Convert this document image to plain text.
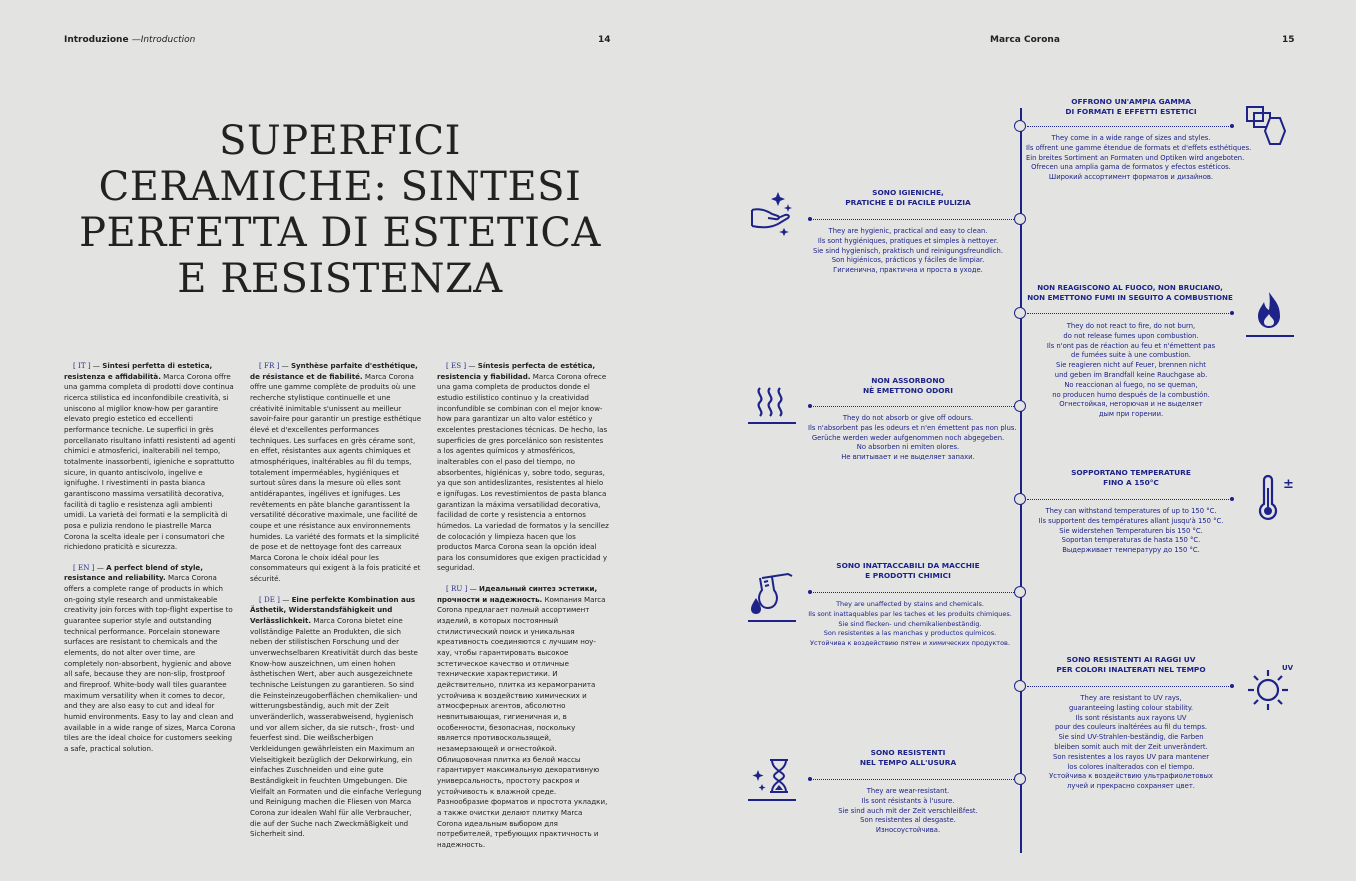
Introduzione —Introduction	14	Marca Corona	15
SUPERFICI
CERAMICHE: SINTESI
PERFETTA DI ESTETICA
E RESISTENZA

[ IT ] — Sintesi perfetta di estetica, resistenza e affidabilità. Marca Corona offre una gamma completa di prodotti dove continua ricerca stilistica ed inconfondibile creatività, si uniscono al miglior know-how per garantire elevato pregio estetico ed eccellenti performance tecniche. Le superfici in grès porcellanato risultano infatti resistenti ad agenti chimici e atmosferici, inalterabili nel tempo, totalmente inassorbenti, igieniche e soprattutto sicure, in quanto antiscivolo, ingelive e ignifughe. I rivestimenti in pasta bianca garantiscono massima versatilità decorativa, facilità di taglio e resistenza agli ambienti umidi. La varietà dei formati e la semplicità di posa e pulizia rendono le piastrelle Marca Corona la scelta ideale per i consumatori che richiedono praticità e sicurezza.

[ EN ] — A perfect blend of style, resistance and reliability. Marca Corona offers a complete range of products in which on-going style research and unmistakeable creativity join forces with top-flight expertise to guarantee superior style and outstanding technical performance. Porcelain stoneware surfaces are resistant to chemicals and the elements, do not alter over time, are completely non-absorbent, hygienic and above all safe, because they are non-slip, frostproof and fireproof. White-body wall tiles guarantee maximum versatility when it comes to decor, and they are also easy to cut and ideal for humid environments. Easy to lay and clean and available in a wide range of sizes, Marca Corona tiles are the ideal choice for customers seeking a safe, practical solution.

[ FR ] — Synthèse parfaite d'esthétique, de résistance et de fiabilité. Marca Corona offre une gamme complète de produits où une recherche stylistique continuelle et une créativité inimitable s'unissent au meilleur savoir-faire pour garantir un prestige esthétique élevé et d'excellentes performances techniques. Les surfaces en grès cérame sont, en effet, résistantes aux agents chimiques et atmosphériques, inaltérables au fil du temps, totalement imperméables, hygiéniques et surtout sûres dans la mesure où elles sont antidérapantes, ingélives et ignifuges. Les revêtements en pâte blanche garantissent la versatilité décorative maximale, une facilité de coupe et une résistance aux environnements humides. La variété des formats et la simplicité de pose et de nettoyage font des carreaux Marca Corona le choix idéal pour les consommateurs qui exigent à la fois praticité et sécurité.

[ DE ] — Eine perfekte Kombination aus Ästhetik, Widerstandsfähigkeit und Verlässlichkeit. Marca Corona bietet eine vollständige Palette an Produkten, die sich neben der stilistischen Forschung und der unverwechselbaren Kreativität durch das beste Know-how auszeichnen, um einen hohen ästhetischen Wert, aber auch ausgezeichnete technische Leistungen zu garantieren. So sind die Feinsteinzeugoberflächen chemikalien- und witterungsbeständig, auch mit der Zeit unveränderlich, wasserabweisend, hygienisch und vor allem sicher, da sie rutsch-, frost- und feuerfest sind. Die weißscherbigen Verkleidungen gewährleisten ein Maximum an Vielseitigkeit bezüglich der Dekorwirkung, ein einfaches Zuschneiden und eine gute Beständigkeit in feuchten Umgebungen. Die Vielfalt an Formaten und die einfache Verlegung und Reinigung machen die Fliesen von Marca Corona zur idealen Wahl für alle Verbraucher, die auf der Suche nach Zweckmäßigkeit und Sicherheit sind.

[ ES ] — Síntesis perfecta de estética, resistencia y fiabilidad. Marca Corona ofrece una gama completa de productos donde el estudio estilístico continuo y la creatividad inconfundible se combinan con el mejor know-how para garantizar un alto valor estético y excelentes prestaciones técnicas. De hecho, las superficies de gres porcelánico son resistentes a los agentes químicos y atmosféricos, inalterables con el paso del tiempo, no absorbentes, higiénicas y, sobre todo, seguras, ya que son antideslizantes, resistentes al hielo e ignífugas. Los revestimientos de pasta blanca garantizan la máxima versatilidad decorativa, facilidad de corte y resistencia a entornos húmedos. La variedad de formatos y la sencillez de colocación y limpieza hacen que los productos Marca Corona sean la opción ideal para los consumidores que exigen practicidad y seguridad.

[ RU ] — Идеальный синтез эстетики, прочности и надежность. Компания Marca Corona предлагает полный ассортимент изделий, в которых постоянный стилистический поиск и уникальная креативность соединяются с лучшим ноу-хау, чтобы гарантировать высокое эстетическое качество и отличные технические характеристики. И действительно, плитка из керамогранита устойчива к воздействию химических и атмосферных агентов, абсолютно невпитывающая, гигиеничная и, в особенности, безопасная, поскольку является противоскользящей, незамерзающей и огнестойкой. Облицовочная плитка из белой массы гарантирует максимальную декоративную универсальность, простоту раскроя и устойчивость к влажной среде. Разнообразие форматов и простота укладки, а также очистки делают плитку Marca Corona идеальным выбором для потребителей, требующих практичность и надежность.

OFFRONO UN'AMPIA GAMMA
DI FORMATI E EFFETTI ESTETICI
They come in a wide range of sizes and styles.
Ils offrent une gamme étendue de formats et d'effets esthétiques.
Ein breites Sortiment an Formaten und Optiken wird angeboten.
Ofrecen una amplia gama de formatos y efectos estéticos.
Широкий ассортимент форматов и дизайнов.
SONO IGIENICHE,
PRATICHE E DI FACILE PULIZIA
They are hygienic, practical and easy to clean.
Ils sont hygiéniques, pratiques et simples à nettoyer.
Sie sind hygienisch, praktisch und reinigungsfreundlich.
Son higiénicos, prácticos y fáciles de limpiar.
Гигиенична, практична и проста в уходе.
NON REAGISCONO AL FUOCO, NON BRUCIANO,
NON EMETTONO FUMI IN SEGUITO A COMBUSTIONE
They do not react to fire, do not burn,
do not release fumes upon combustion.
Ils n'ont pas de réaction au feu et n'émettent pas
de fumées suite à une combustion.
Sie reagieren nicht auf Feuer, brennen nicht
und geben im Brandfall keine Rauchgase ab.
No reaccionan al fuego, no se queman,
no producen humo después de la combustión.
Огнестойкая, негорючая и не выделяет
дым при горении.
NON ASSORBONO
NÈ EMETTONO ODORI
They do not absorb or give off odours.
Ils n'absorbent pas les odeurs et n'en émettent pas non plus.
Gerüche werden weder aufgenommen noch abgegeben.
No absorben ni emiten olores.
Не впитывает и не выделяет запахи.
SOPPORTANO TEMPERATURE
FINO A 150°C
They can withstand temperatures of up to 150 °C.
Ils supportent des températures allant jusqu'à 150 °C.
Sie widerstehen Temperaturen bis 150 °C.
Soportan temperaturas de hasta 150 °C.
Выдерживает температуру до 150 °C.
±
SONO INATTACCABILI DA MACCHIE
E PRODOTTI CHIMICI
They are unaffected by stains and chemicals.
Ils sont inattaquables par les taches et les produits chimiques.
Sie sind flecken- und chemikalienbeständig.
Son resistentes a las manchas y productos químicos.
Устойчива к воздействию пятен и химических продуктов.
SONO RESISTENTI AI RAGGI UV
PER COLORI INALTERATI NEL TEMPO
They are resistant to UV rays,
guaranteeing lasting colour stability.
Ils sont résistants aux rayons UV
pour des couleurs inaltérées au fil du temps.
Sie sind UV-Strahlen-beständig, die Farben
bleiben somit auch mit der Zeit unverändert.
Son resistentes a los rayos UV para mantener
los colores inalterados con el tiempo.
Устойчива к воздействию ультрафиолетовых
лучей и прекрасно сохраняет цвет.
UV
SONO RESISTENTI
NEL TEMPO ALL'USURA
They are wear-resistant.
Ils sont résistants à l'usure.
Sie sind auch mit der Zeit verschleißfest.
Son resistentes al desgaste.
Износоустойчива.
